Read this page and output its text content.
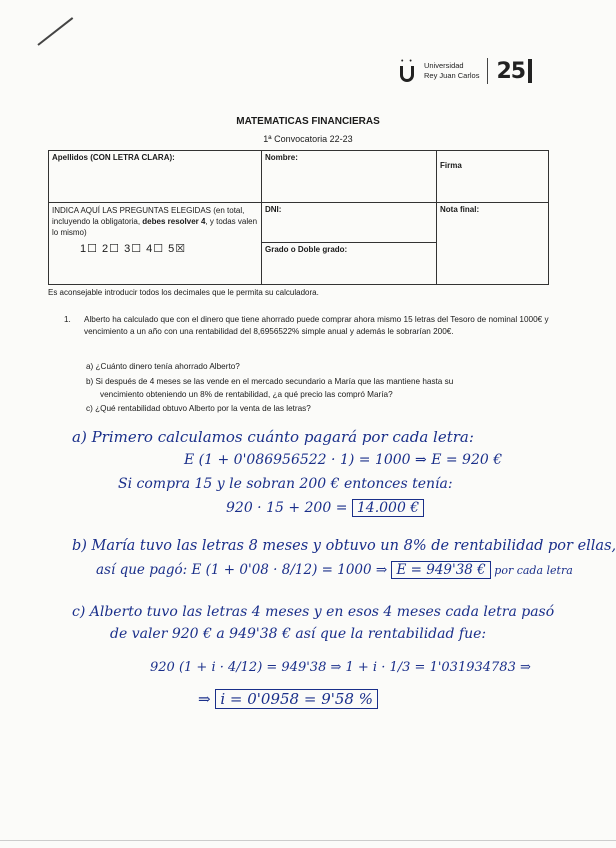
• • Universidad
Rey Juan Carlos 25
MATEMATICAS FINANCIERAS
1ª Convocatoria 22-23
Apellidos (CON LETRA CLARA):	Nombre:	Firma
INDICA AQUÍ LAS PREGUNTAS ELEGIDAS (en total, incluyendo la obligatoria, debes resolver 4, y todas valen lo mismo)
1☐ 2☐ 3☐ 4☐ 5☒	DNI:	Nota final:
	Grado o Doble grado:	
Es aconsejable introducir todos los decimales que le permita su calculadora.
1.	Alberto ha calculado que con el dinero que tiene ahorrado puede comprar ahora mismo 15 letras del Tesoro de nominal 1000€ y vencimiento a un año con una rentabilidad del 8,6956522% simple anual y además le sobrarían 200€.
a) ¿Cuánto dinero tenía ahorrado Alberto?
b) Si después de 4 meses se las vende en el mercado secundario a María que las mantiene hasta su
vencimiento obteniendo un 8% de rentabilidad, ¿a qué precio las compró María?
c) ¿Qué rentabilidad obtuvo Alberto por la venta de las letras?
a) Primero calculamos cuánto pagará por cada letra:
E (1 + 0'086956522 · 1) = 1000 ⇒ E = 920 €
Si compra 15 y le sobran 200 € entonces tenía:
920 · 15 + 200 = 14.000 €
b) María tuvo las letras 8 meses y obtuvo un 8% de rentabilidad por ellas,
así que pagó: E (1 + 0'08 · 8/12) = 1000 ⇒ E = 949'38 € por cada letra
c) Alberto tuvo las letras 4 meses y en esos 4 meses cada letra pasó
de valer 920 € a 949'38 € así que la rentabilidad fue:
920 (1 + i · 4/12) = 949'38 ⇒ 1 + i · 1/3 = 1'031934783 ⇒
⇒ i = 0'0958 = 9'58 %
